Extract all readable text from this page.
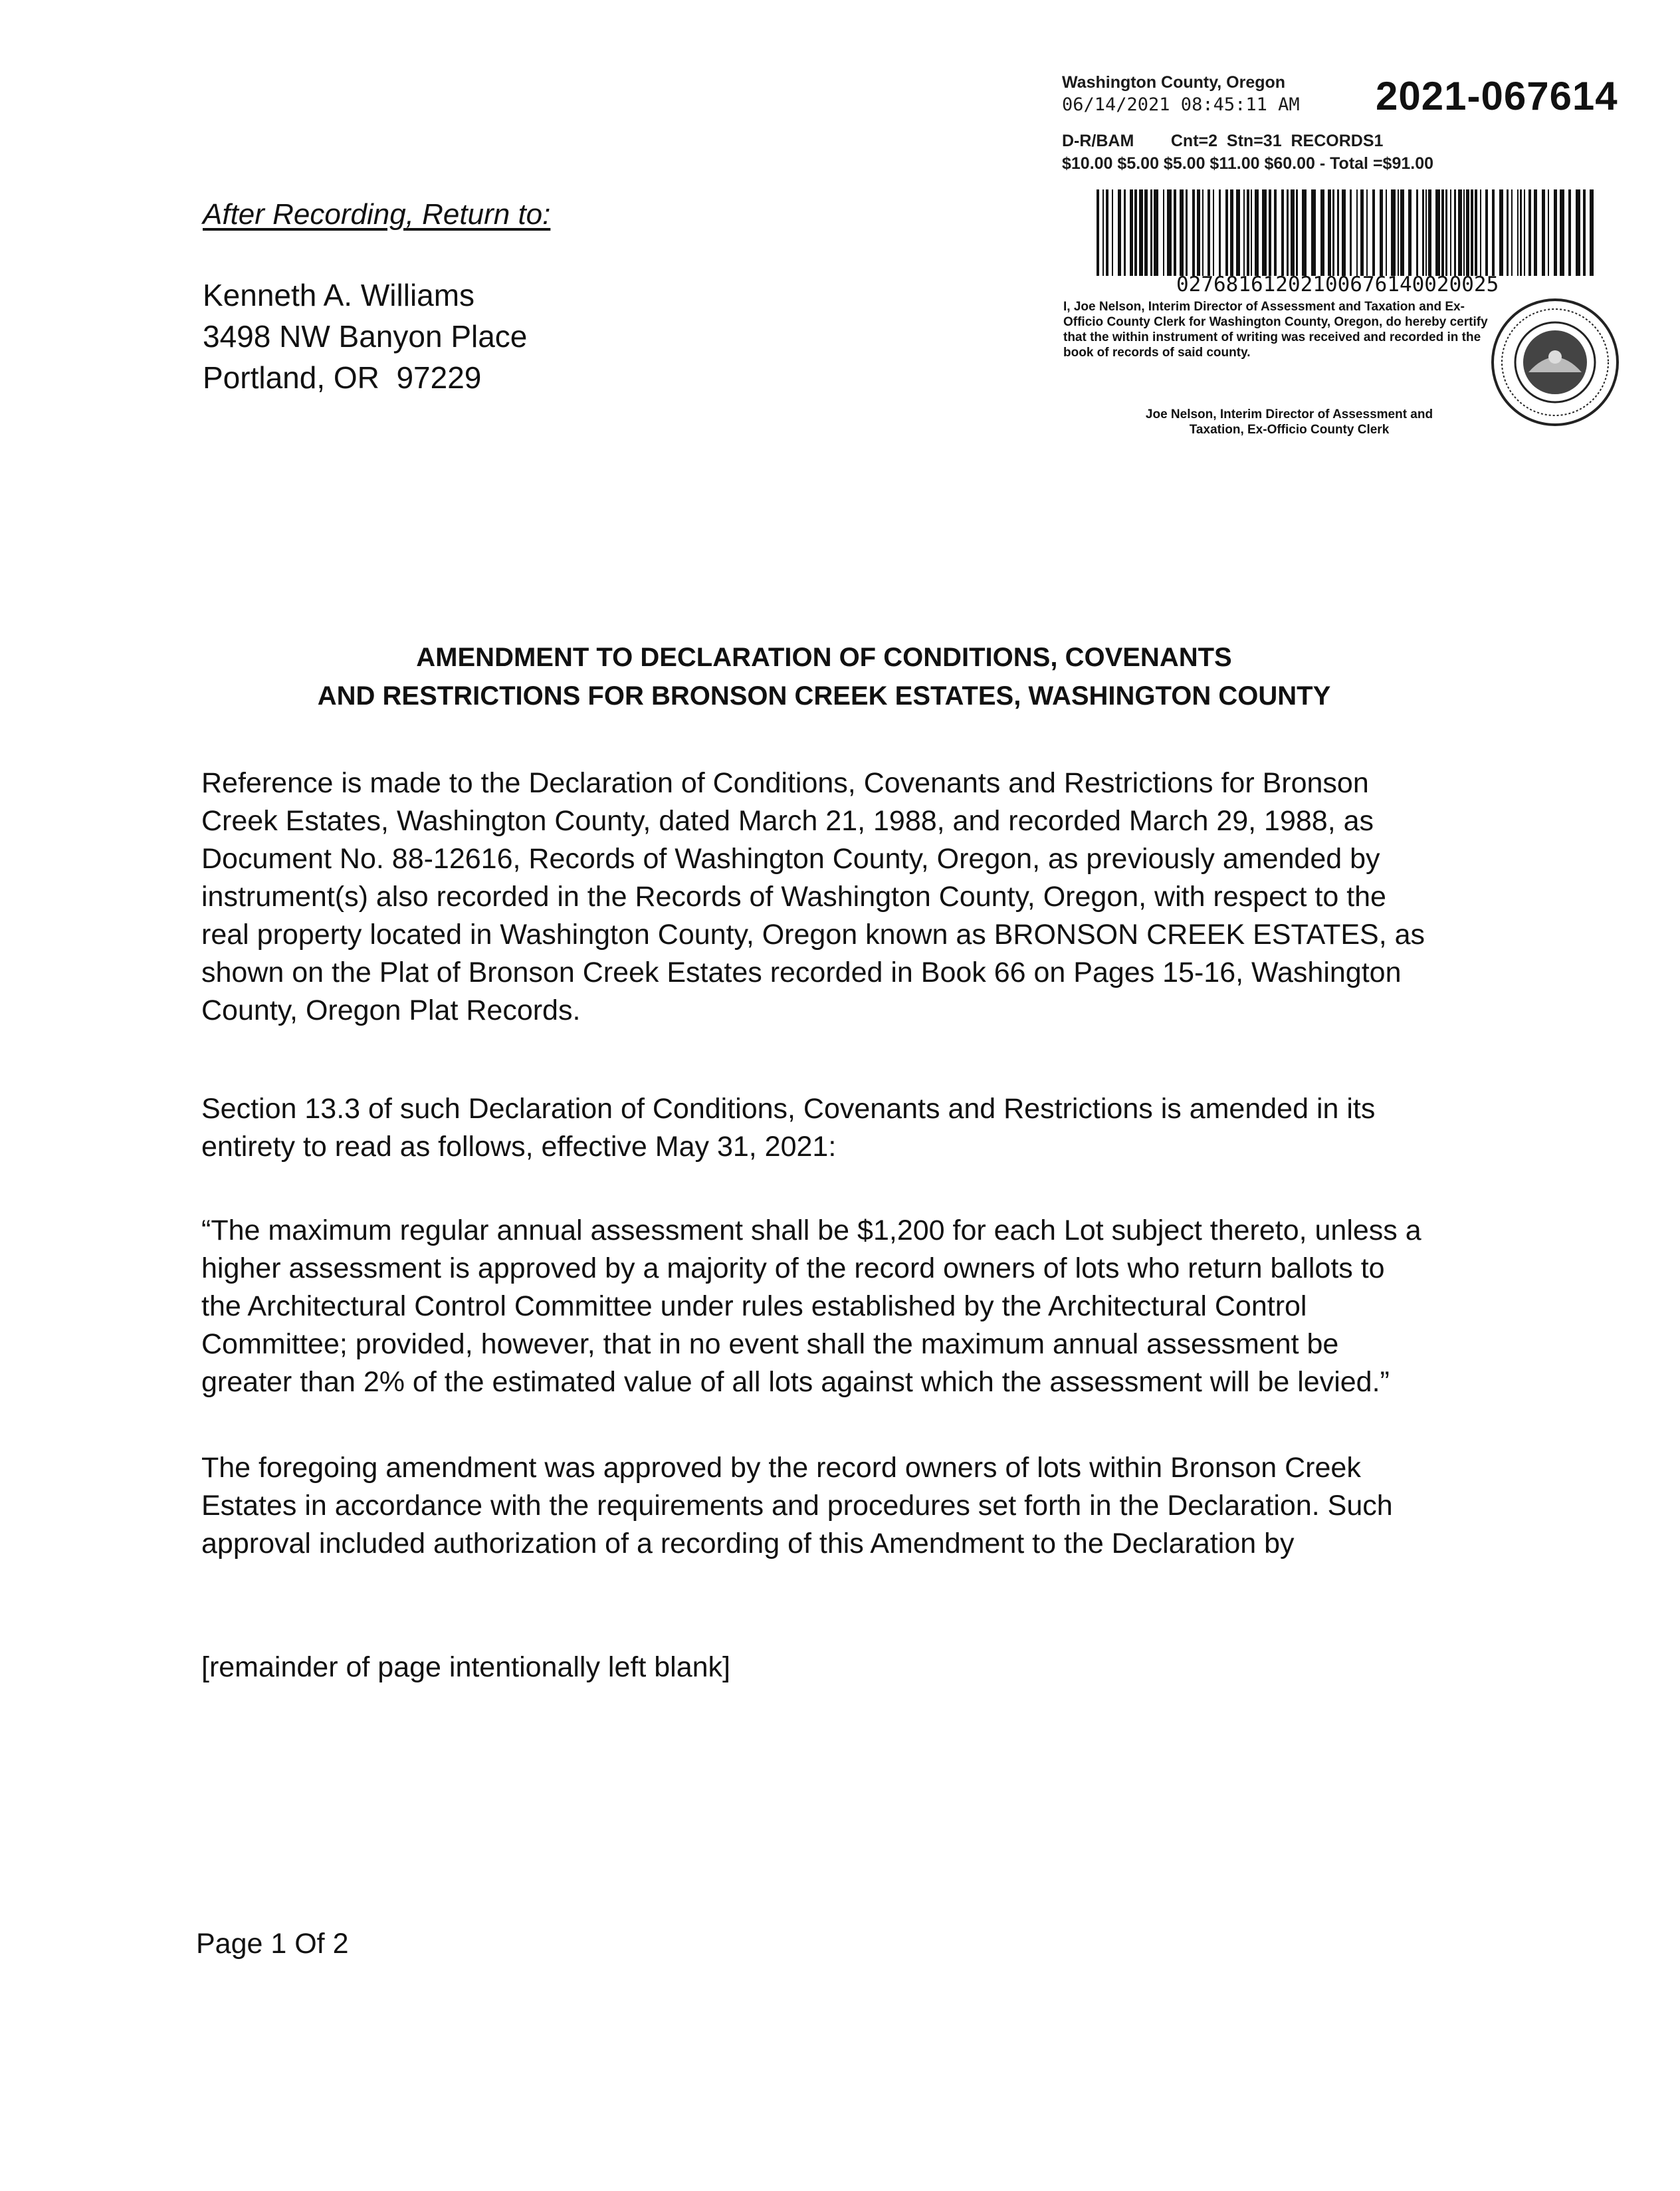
Washington County, Oregon
06/14/2021 08:45:11 AM 2021-067614
D-R/BAM        Cnt=2  Stn=31  RECORDS1
$10.00 $5.00 $5.00 $11.00 $60.00 - Total =$91.00
02768161202100676140020025
I, Joe Nelson, Interim Director of Assessment and Taxation and Ex-Officio County Clerk for Washington County, Oregon, do hereby certify that the within instrument of writing was received and recorded in the book of records of said county.
Joe Nelson, Interim Director of Assessment and
Taxation, Ex-Officio County Clerk
After Recording, Return to:
Kenneth A. Williams
3498 NW Banyon Place
Portland, OR  97229
AMENDMENT TO DECLARATION OF CONDITIONS, COVENANTS
AND RESTRICTIONS FOR BRONSON CREEK ESTATES, WASHINGTON COUNTY
Reference is made to the Declaration of Conditions, Covenants and Restrictions for Bronson
Creek Estates, Washington County, dated March 21, 1988, and recorded March 29, 1988, as
Document No. 88-12616, Records of Washington County, Oregon, as previously amended by
instrument(s) also recorded in the Records of Washington County, Oregon, with respect to the
real property located in Washington County, Oregon known as BRONSON CREEK ESTATES, as
shown on the Plat of Bronson Creek Estates recorded in Book 66 on Pages 15-16, Washington
County, Oregon Plat Records.
Section 13.3 of such Declaration of Conditions, Covenants and Restrictions is amended in its
entirety to read as follows, effective May 31, 2021:
“The maximum regular annual assessment shall be $1,200 for each Lot subject thereto, unless a
higher assessment is approved by a majority of the record owners of lots who return ballots to
the Architectural Control Committee under rules established by the Architectural Control
Committee; provided, however, that in no event shall the maximum annual assessment be
greater than 2% of the estimated value of all lots against which the assessment will be levied.”
The foregoing amendment was approved by the record owners of lots within Bronson Creek
Estates in accordance with the requirements and procedures set forth in the Declaration. Such
approval included authorization of a recording of this Amendment to the Declaration by
[remainder of page intentionally left blank]
Page 1 Of 2
